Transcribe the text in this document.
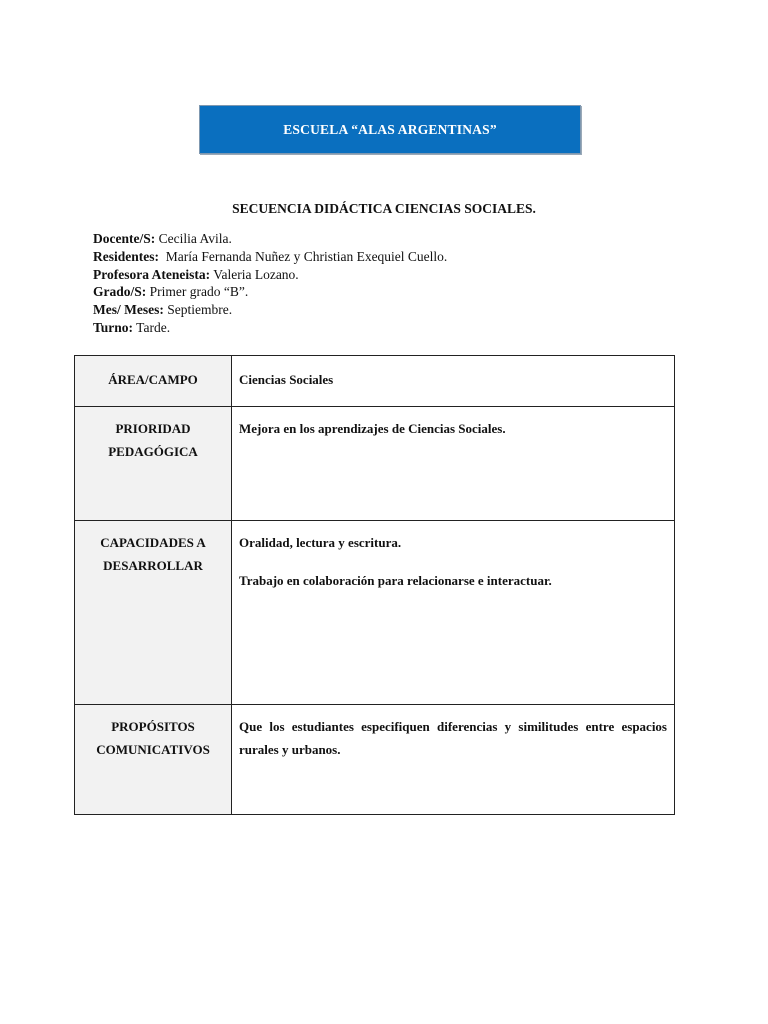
ESCUELA “ALAS ARGENTINAS”
SECUENCIA DIDÁCTICA CIENCIAS SOCIALES.
Docente/S: Cecilia Avila.
Residentes:  María Fernanda Nuñez y Christian Exequiel Cuello.
Profesora Ateneista: Valeria Lozano.
Grado/S: Primer grado “B”.
Mes/ Meses: Septiembre.
Turno: Tarde.
ÁREA/CAMPO	Ciencias Sociales

PRIORIDAD PEDAGÓGICA	Mejora en los aprendizajes de Ciencias Sociales.

CAPACIDADES A DESARROLLAR	Oralidad, lectura y escritura.

Trabajo en colaboración para relacionarse e interactuar.

PROPÓSITOS COMUNICATIVOS	Que los estudiantes especifiquen diferencias y similitudes entre espacios rurales y urbanos.
